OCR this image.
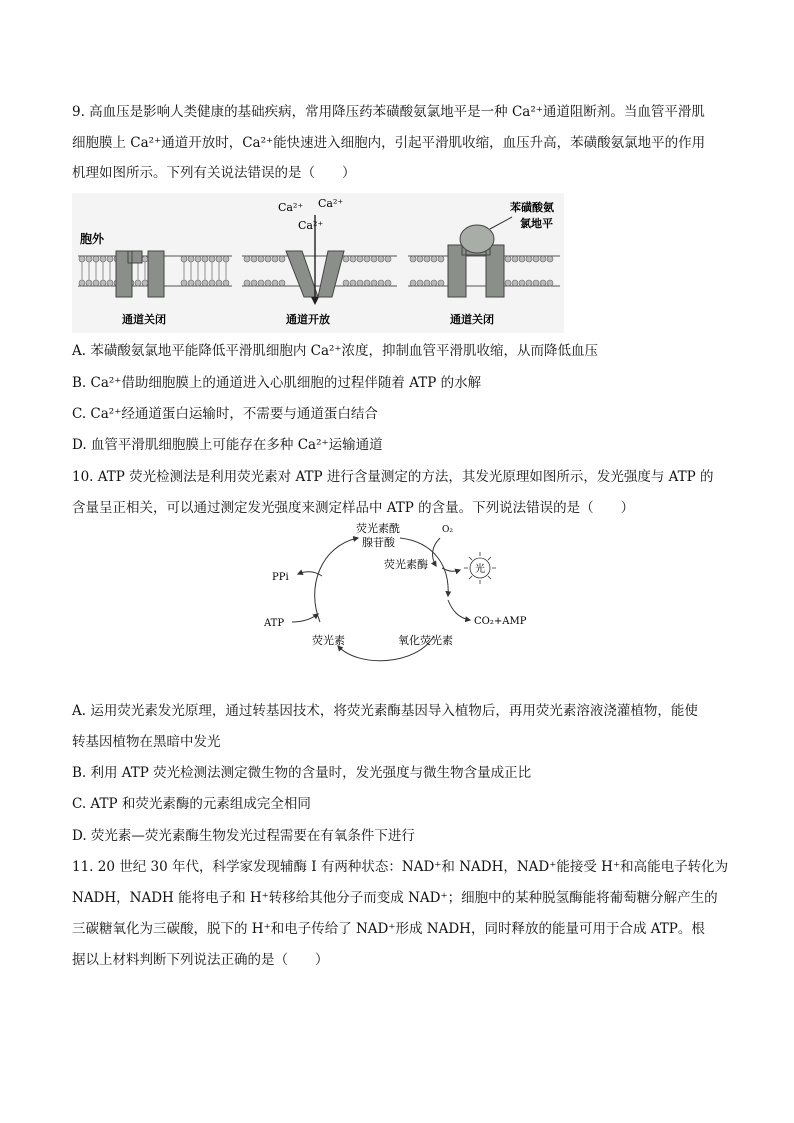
9. 高血压是影响人类健康的基础疾病，常用降压药苯磺酸氨氯地平是一种 Ca²⁺通道阻断剂。当血管平滑肌
细胞膜上 Ca²⁺通道开放时，Ca²⁺能快速进入细胞内，引起平滑肌收缩，血压升高，苯磺酸氨氯地平的作用
机理如图所示。下列有关说法错误的是（　　）
胞外
通道关闭
Ca²⁺ Ca²⁺
Ca²⁺
通道开放
苯磺酸氨
氯地平
通道关闭
A. 苯磺酸氨氯地平能降低平滑肌细胞内 Ca²⁺浓度，抑制血管平滑肌收缩，从而降低血压
B. Ca²⁺借助细胞膜上的通道进入心肌细胞的过程伴随着 ATP 的水解
C. Ca²⁺经通道蛋白运输时，不需要与通道蛋白结合
D. 血管平滑肌细胞膜上可能存在多种 Ca²⁺运输通道
10. ATP 荧光检测法是利用荧光素对 ATP 进行含量测定的方法，其发光原理如图所示，发光强度与 ATP 的
含量呈正相关，可以通过测定发光强度来测定样品中 ATP 的含量。下列说法错误的是（　　）
荧光素酰
腺苷酸
O₂
荧光素酶	光
PPi
ATP
荧光素	氧化荧光素
CO₂+AMP
A. 运用荧光素发光原理，通过转基因技术，将荧光素酶基因导入植物后，再用荧光素溶液浇灌植物，能使
转基因植物在黑暗中发光
B. 利用 ATP 荧光检测法测定微生物的含量时，发光强度与微生物含量成正比
C. ATP 和荧光素酶的元素组成完全相同
D. 荧光素—荧光素酶生物发光过程需要在有氧条件下进行
11. 20 世纪 30 年代，科学家发现辅酶 I 有两种状态：NAD⁺和 NADH，NAD⁺能接受 H⁺和高能电子转化为
NADH，NADH 能将电子和 H⁺转移给其他分子而变成 NAD⁺；细胞中的某种脱氢酶能将葡萄糖分解产生的
三碳糖氧化为三碳酸，脱下的 H⁺和电子传给了 NAD⁺形成 NADH，同时释放的能量可用于合成 ATP。根
据以上材料判断下列说法正确的是（　　）
